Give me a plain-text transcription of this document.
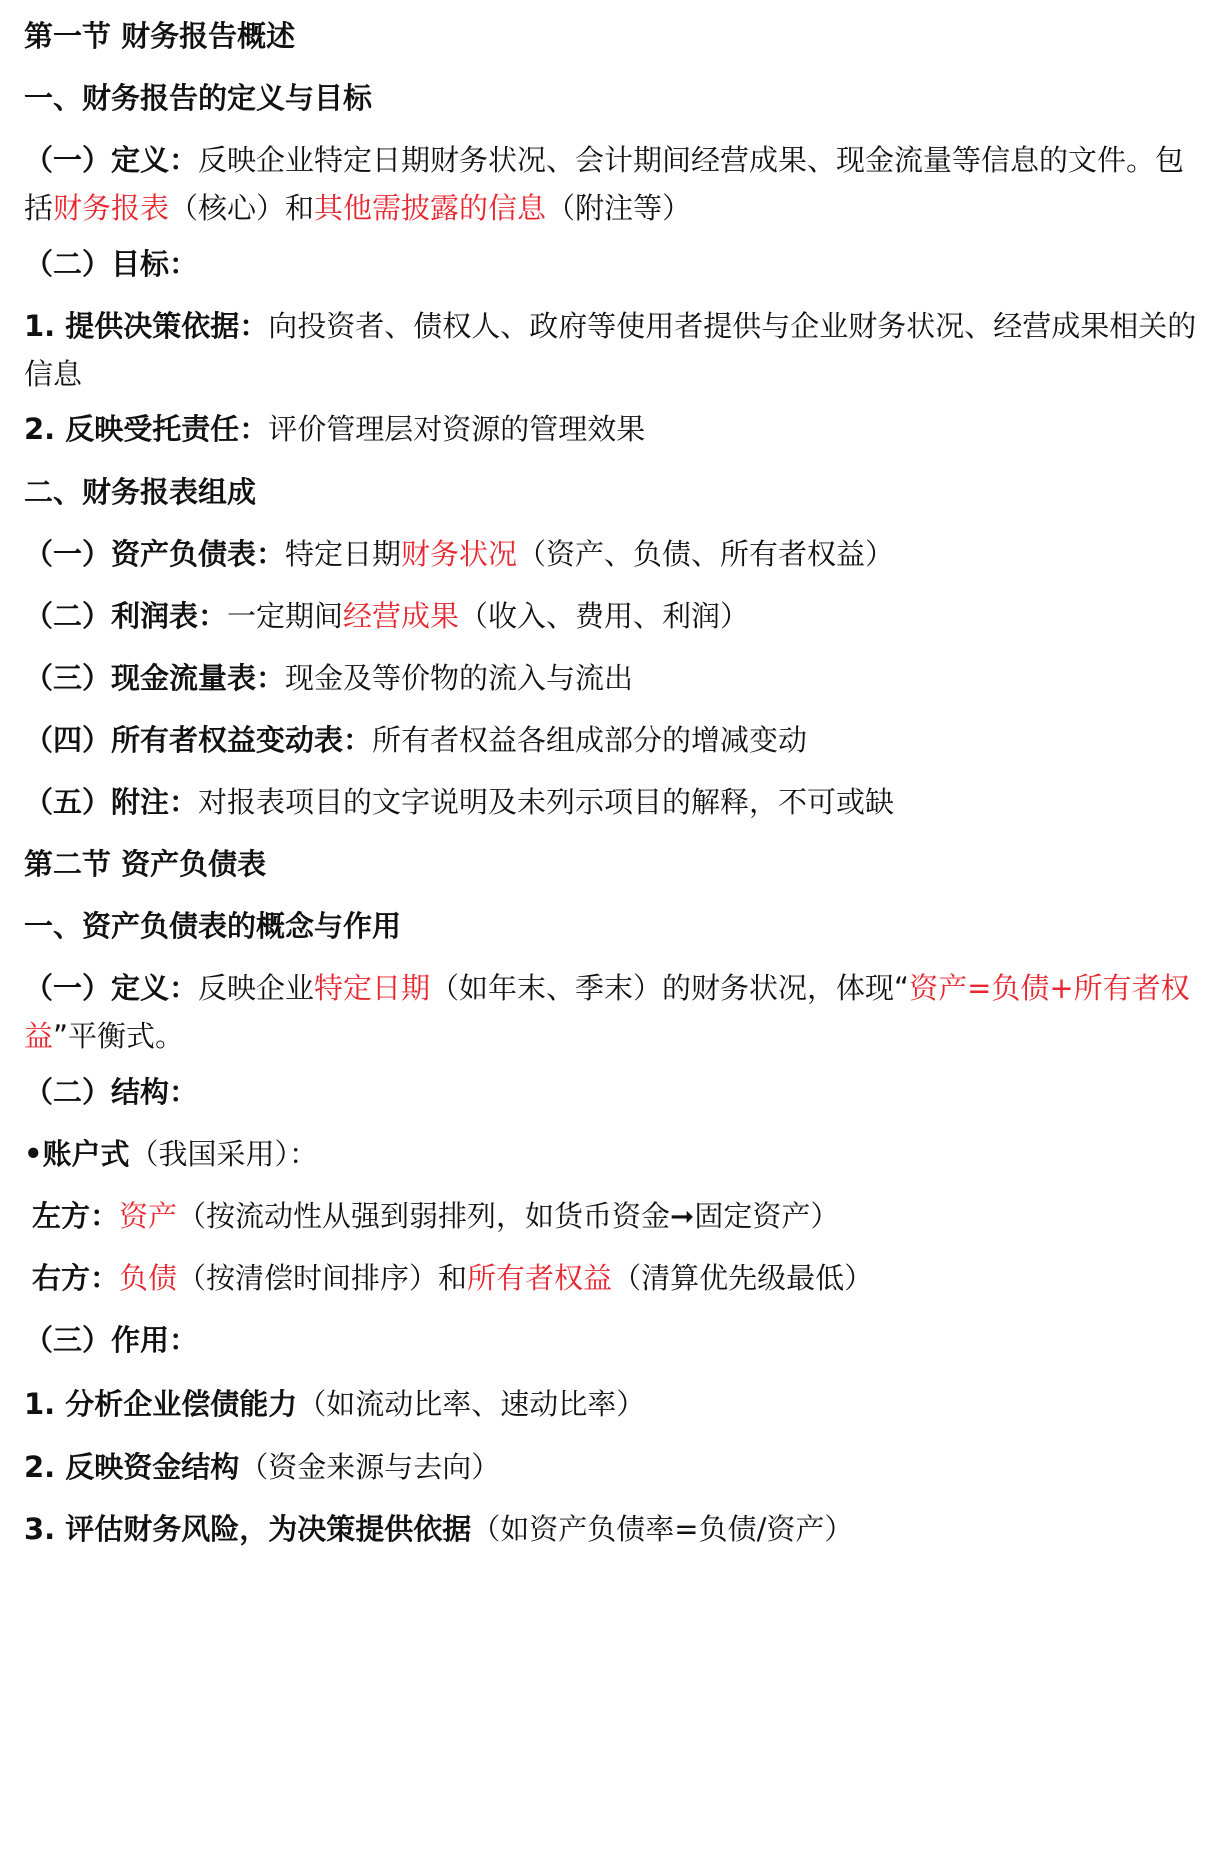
第一节 财务报告概述
一、财务报告的定义与目标
（一）定义：反映企业特定日期财务状况、会计期间经营成果、现金流量等信息的文件。包括财务报表（核心）和其他需披露的信息（附注等）
（二）目标：
1. 提供决策依据：向投资者、债权人、政府等使用者提供与企业财务状况、经营成果相关的信息
2. 反映受托责任：评价管理层对资源的管理效果
二、财务报表组成
（一）资产负债表：特定日期财务状况（资产、负债、所有者权益）
（二）利润表：一定期间经营成果（收入、费用、利润）
（三）现金流量表：现金及等价物的流入与流出
（四）所有者权益变动表：所有者权益各组成部分的增减变动
（五）附注：对报表项目的文字说明及未列示项目的解释，不可或缺
第二节 资产负债表
一、资产负债表的概念与作用
（一）定义：反映企业特定日期（如年末、季末）的财务状况，体现“资产=负债+所有者权益”平衡式。
（二）结构：
•账户式（我国采用）：
左方：资产（按流动性从强到弱排列，如货币资金➞固定资产）
右方：负债（按清偿时间排序）和所有者权益（清算优先级最低）
（三）作用：
1. 分析企业偿债能力（如流动比率、速动比率）
2. 反映资金结构（资金来源与去向）
3. 评估财务风险，为决策提供依据（如资产负债率=负债/资产）
